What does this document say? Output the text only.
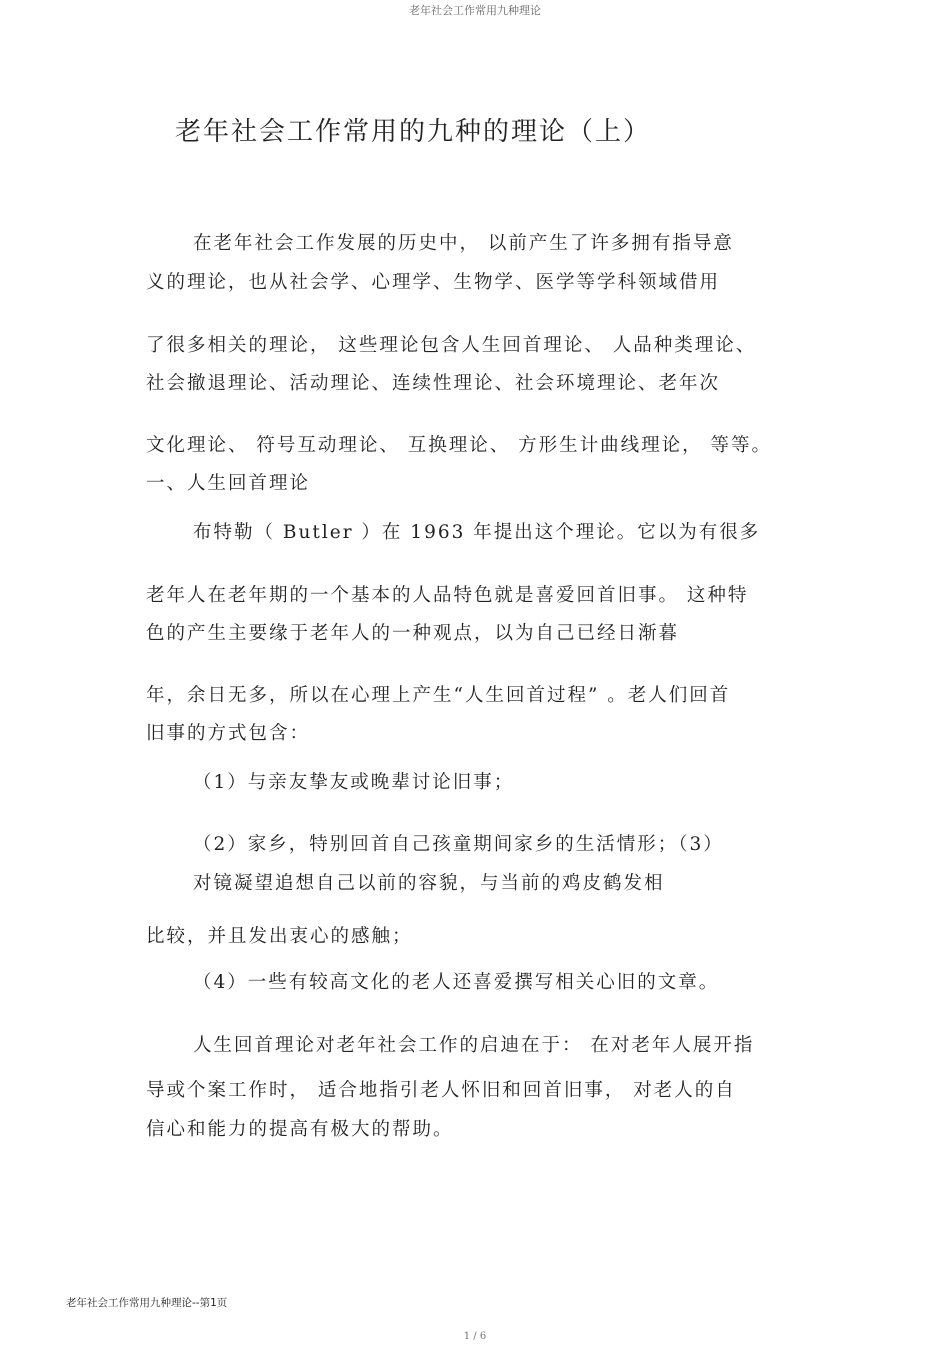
老年社会工作常用九种理论
老年社会工作常用的九种的理论（上）
在老年社会工作发展的历史中， 以前产生了许多拥有指导意
义的理论，也从社会学、心理学、生物学、医学等学科领域借用
了很多相关的理论， 这些理论包含人生回首理论、 人品种类理论、
社会撤退理论、活动理论、连续性理论、社会环境理论、老年次
文化理论、 符号互动理论、 互换理论、 方形生计曲线理论， 等等。
一、人生回首理论
布特勒（ Butler ）在 1963 年提出这个理论。它以为有很多
老年人在老年期的一个基本的人品特色就是喜爱回首旧事。 这种特
色的产生主要缘于老年人的一种观点，以为自己已经日渐暮
年，余日无多，所以在心理上产生“人生回首过程” 。老人们回首
旧事的方式包含：
（1）与亲友挚友或晚辈讨论旧事；
（2）家乡，特别回首自己孩童期间家乡的生活情形；（3）
对镜凝望追想自己以前的容貌，与当前的鸡皮鹤发相
比较，并且发出衷心的感触；
（4）一些有较高文化的老人还喜爱撰写相关心旧的文章。
人生回首理论对老年社会工作的启迪在于： 在对老年人展开指
导或个案工作时， 适合地指引老人怀旧和回首旧事， 对老人的自
信心和能力的提高有极大的帮助。
老年社会工作常用九种理论--第1页
1 / 6
